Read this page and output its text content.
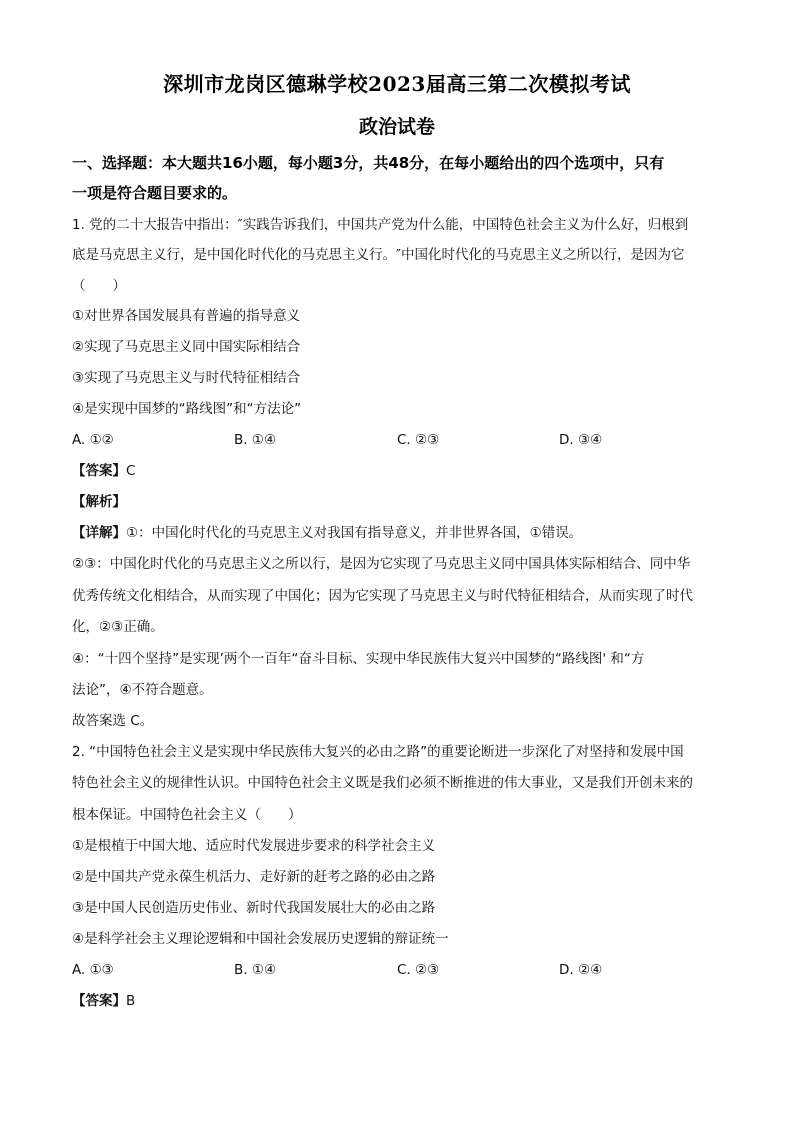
深圳市龙岗区德琳学校2023届高三第二次模拟考试
政治试卷
一、选择题：本大题共16小题，每小题3分，共48分，在每小题给出的四个选项中，只有
一项是符合题目要求的。
1. 党的二十大报告中指出：″实践告诉我们，中国共产党为什么能，中国特色社会主义为什么好，归根到
底是马克思主义行，是中国化时代化的马克思主义行。″中国化时代化的马克思主义之所以行，是因为它
（　　）
①对世界各国发展具有普遍的指导意义
②实现了马克思主义同中国实际相结合
③实现了马克思主义与时代特征相结合
④是实现中国梦的“路线图”和“方法论”
A. ①②	B. ①④	C. ②③	D. ③④
【答案】C
【解析】
【详解】①：中国化时代化的马克思主义对我国有指导意义，并非世界各国，①错误。
②③：中国化时代化的马克思主义之所以行，是因为它实现了马克思主义同中国具体实际相结合、同中华
优秀传统文化相结合，从而实现了中国化；因为它实现了马克思主义与时代特征相结合，从而实现了时代
化，②③正确。
④：“十四个坚持”是实现’两个一百年“奋斗目标、实现中华民族伟大复兴中国梦的“路线图' 和“方
法论”，④不符合题意。
故答案选 C。
2. “中国特色社会主义是实现中华民族伟大复兴的必由之路”的重要论断进一步深化了对坚持和发展中国
特色社会主义的规律性认识。中国特色社会主义既是我们必须不断推进的伟大事业，又是我们开创未来的
根本保证。中国特色社会主义（　　）
①是根植于中国大地、适应时代发展进步要求的科学社会主义
②是中国共产党永葆生机活力、走好新的赶考之路的必由之路
③是中国人民创造历史伟业、新时代我国发展壮大的必由之路
④是科学社会主义理论逻辑和中国社会发展历史逻辑的辩证统一
A. ①③	B. ①④	C. ②③	D. ②④
【答案】B
